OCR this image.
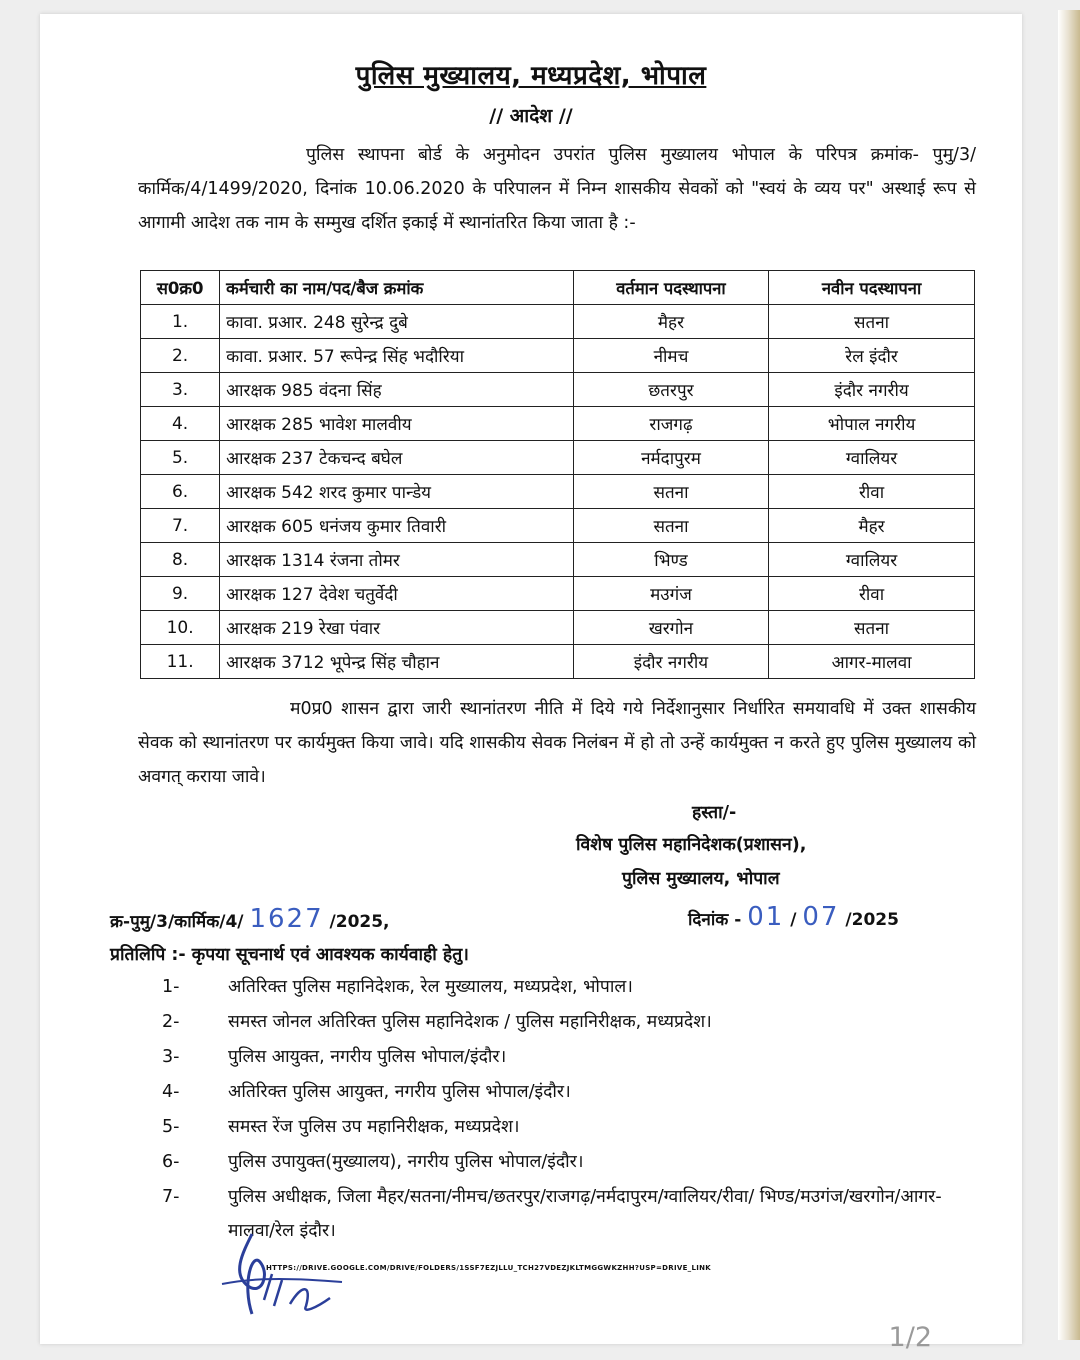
पुलिस मुख्यालय, मध्यप्रदेश, भोपाल
// आदेश //
पुलिस स्थापना बोर्ड के अनुमोदन उपरांत पुलिस मुख्यालय भोपाल के परिपत्र क्रमांक- पुमु/3/कार्मिक/4/1499/2020, दिनांक 10.06.2020 के परिपालन में निम्न शासकीय सेवकों को "स्वयं के व्यय पर" अस्थाई रूप से आगामी आदेश तक नाम के सम्मुख दर्शित इकाई में स्थानांतरित किया जाता है :-
स0क्र0	कर्मचारी का नाम/पद/बैज क्रमांक	वर्तमान पदस्थापना	नवीन पदस्थापना
1.	कावा. प्रआर. 248 सुरेन्द्र दुबे	मैहर	सतना
2.	कावा. प्रआर. 57 रूपेन्द्र सिंह भदौरिया	नीमच	रेल इंदौर
3.	आरक्षक 985 वंदना सिंह	छतरपुर	इंदौर नगरीय
4.	आरक्षक 285 भावेश मालवीय	राजगढ़	भोपाल नगरीय
5.	आरक्षक 237 टेकचन्द बघेल	नर्मदापुरम	ग्वालियर
6.	आरक्षक 542 शरद कुमार पान्डेय	सतना	रीवा
7.	आरक्षक 605 धनंजय कुमार तिवारी	सतना	मैहर
8.	आरक्षक 1314 रंजना तोमर	भिण्ड	ग्वालियर
9.	आरक्षक 127 देवेश चतुर्वेदी	मउगंज	रीवा
10.	आरक्षक 219 रेखा पंवार	खरगोन	सतना
11.	आरक्षक 3712 भूपेन्द्र सिंह चौहान	इंदौर नगरीय	आगर-मालवा
म0प्र0 शासन द्वारा जारी स्थानांतरण नीति में दिये गये निर्देशानुसार निर्धारित समयावधि में उक्त शासकीय सेवक को स्थानांतरण पर कार्यमुक्त किया जावे। यदि शासकीय सेवक निलंबन में हो तो उन्हें कार्यमुक्त न करते हुए पुलिस मुख्यालय को अवगत् कराया जावे।
हस्ता/-
विशेष पुलिस महानिदेशक(प्रशासन),
पुलिस मुख्यालय, भोपाल
क्र-पुमु/3/कार्मिक/4/ 1627 /2025,	दिनांक - 01 / 07 /2025
प्रतिलिपि :- कृपया सूचनार्थ एवं आवश्यक कार्यवाही हेतु।
1-	अतिरिक्त पुलिस महानिदेशक, रेल मुख्यालय, मध्यप्रदेश, भोपाल।
2-	समस्त जोनल अतिरिक्त पुलिस महानिदेशक / पुलिस महानिरीक्षक, मध्यप्रदेश।
3-	पुलिस आयुक्त, नगरीय पुलिस भोपाल/इंदौर।
4-	अतिरिक्त पुलिस आयुक्त, नगरीय पुलिस भोपाल/इंदौर।
5-	समस्त रेंज पुलिस उप महानिरीक्षक, मध्यप्रदेश।
6-	पुलिस उपायुक्त(मुख्यालय), नगरीय पुलिस भोपाल/इंदौर।
7-	पुलिस अधीक्षक, जिला मैहर/सतना/नीमच/छतरपुर/राजगढ़/नर्मदापुरम/ग्वालियर/रीवा/ भिण्ड/मउगंज/खरगोन/आगर-मालवा/रेल इंदौर।
HTTPS://DRIVE.GOOGLE.COM/DRIVE/FOLDERS/1SSF7EZJLLU_TCH27VDEZJKLTMGGWKZHH?USP=DRIVE_LINK
1/2
